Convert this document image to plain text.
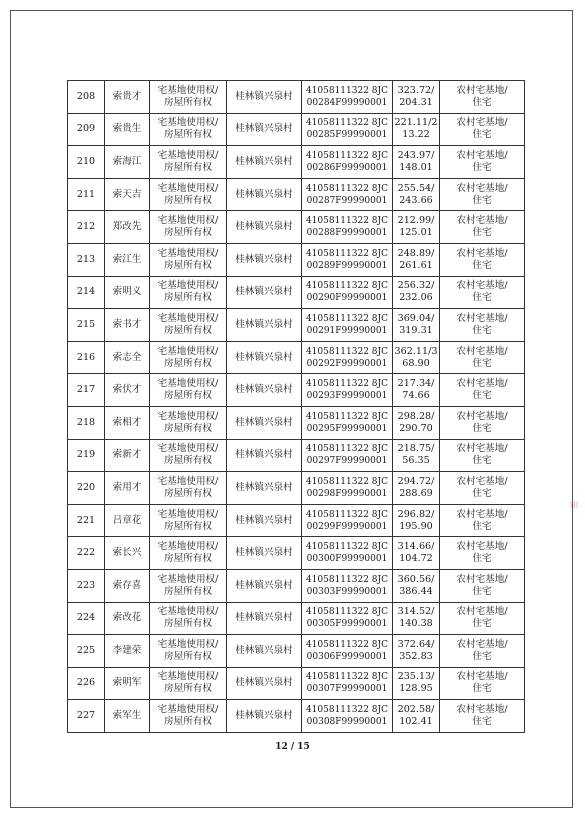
208	索贵才	宅基地使用权/
房屋所有权	桂林镇兴泉村	41058111322 8JC
00284F99990001	323.72/
204.31	农村宅基地/
住宅

209	索贵生	宅基地使用权/
房屋所有权	桂林镇兴泉村	41058111322 8JC
00285F99990001	221.11/2
13.22	农村宅基地/
住宅

210	索海江	宅基地使用权/
房屋所有权	桂林镇兴泉村	41058111322 8JC
00286F99990001	243.97/
148.01	农村宅基地/
住宅

211	索天吉	宅基地使用权/
房屋所有权	桂林镇兴泉村	41058111322 8JC
00287F99990001	255.54/
243.66	农村宅基地/
住宅

212	郑改先	宅基地使用权/
房屋所有权	桂林镇兴泉村	41058111322 8JC
00288F99990001	212.99/
125.01	农村宅基地/
住宅

213	索江生	宅基地使用权/
房屋所有权	桂林镇兴泉村	41058111322 8JC
00289F99990001	248.89/
261.61	农村宅基地/
住宅

214	索明义	宅基地使用权/
房屋所有权	桂林镇兴泉村	41058111322 8JC
00290F99990001	256.32/
232.06	农村宅基地/
住宅

215	索书才	宅基地使用权/
房屋所有权	桂林镇兴泉村	41058111322 8JC
00291F99990001	369.04/
319.31	农村宅基地/
住宅

216	索志全	宅基地使用权/
房屋所有权	桂林镇兴泉村	41058111322 8JC
00292F99990001	362.11/3
68.90	农村宅基地/
住宅

217	索伏才	宅基地使用权/
房屋所有权	桂林镇兴泉村	41058111322 8JC
00293F99990001	217.34/
74.66	农村宅基地/
住宅

218	索相才	宅基地使用权/
房屋所有权	桂林镇兴泉村	41058111322 8JC
00295F99990001	298.28/
290.70	农村宅基地/
住宅

219	索新才	宅基地使用权/
房屋所有权	桂林镇兴泉村	41058111322 8JC
00297F99990001	218.75/
56.35	农村宅基地/
住宅

220	索用才	宅基地使用权/
房屋所有权	桂林镇兴泉村	41058111322 8JC
00298F99990001	294.72/
288.69	农村宅基地/
住宅

221	吕章花	宅基地使用权/
房屋所有权	桂林镇兴泉村	41058111322 8JC
00299F99990001	296.82/
195.90	农村宅基地/
住宅

222	索长兴	宅基地使用权/
房屋所有权	桂林镇兴泉村	41058111322 8JC
00300F99990001	314.66/
104.72	农村宅基地/
住宅

223	索存喜	宅基地使用权/
房屋所有权	桂林镇兴泉村	41058111322 8JC
00303F99990001	360.56/
386.44	农村宅基地/
住宅

224	索改花	宅基地使用权/
房屋所有权	桂林镇兴泉村	41058111322 8JC
00305F99990001	314.52/
140.38	农村宅基地/
住宅

225	李建荣	宅基地使用权/
房屋所有权	桂林镇兴泉村	41058111322 8JC
00306F99990001	372.64/
352.83	农村宅基地/
住宅

226	索明军	宅基地使用权/
房屋所有权	桂林镇兴泉村	41058111322 8JC
00307F99990001	235.13/
128.95	农村宅基地/
住宅

227	索军生	宅基地使用权/
房屋所有权	桂林镇兴泉村	41058111322 8JC
00308F99990001	202.58/
102.41	农村宅基地/
住宅
12 / 15
印
